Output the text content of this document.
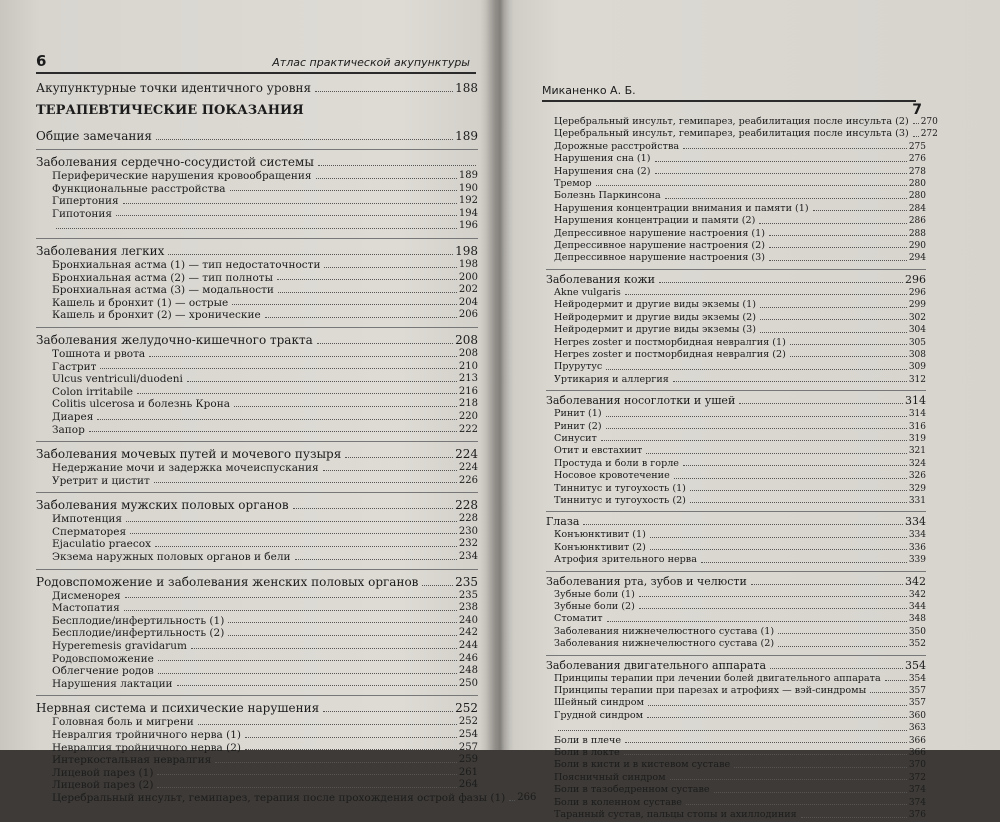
6	Атлас практической акупунктуры
Акупунктурные точки идентичного уровня	188
ТЕРАПЕВТИЧЕСКИЕ ПОКАЗАНИЯ
Общие замечания	189
Заболевания сердечно-сосудистой системы
Периферические нарушения кровообращения	189
Функциональные расстройства	190
Гипертония	192
Гипотония	194
196
Заболевания легких	198
Бронхиальная астма (1) — тип недостаточности	198
Бронхиальная астма (2) — тип полноты	200
Бронхиальная астма (3) — модальности	202
Кашель и бронхит (1) — острые	204
Кашель и бронхит (2) — хронические	206
Заболевания желудочно-кишечного тракта	208
Тошнота и рвота	208
Гастрит	210
Ulcus ventriculi/duodeni	213
Colon irritabile	216
Colitis ulcerosa и болезнь Крона	218
Диарея	220
Запор	222
Заболевания мочевых путей и мочевого пузыря	224
Недержание мочи и задержка мочеиспускания	224
Уретрит и цистит	226
Заболевания мужских половых органов	228
Импотенция	228
Сперматорея	230
Ejaculatio praecox	232
Экзема наружных половых органов и бели	234
Родовспоможение и заболевания женских половых органов	235
Дисменорея	235
Мастопатия	238
Бесплодие/инфертильность (1)	240
Бесплодие/инфертильность (2)	242
Hyperemesis gravidarum	244
Родовспоможение	246
Облегчение родов	248
Нарушения лактации	250
Нервная система и психические нарушения	252
Головная боль и мигрени	252
Невралгия тройничного нерва (1)	254
Невралгия тройничного нерва (2)	257
Интеркостальная невралгия	259
Лицевой парез (1)	261
Лицевой парез (2)	264
Церебральный инсульт, гемипарез, терапия после прохождения острой фазы (1) 266
Миканенко А. Б.
7
Церебральный инсульт, гемипарез, реабилитация после инсульта (2) 270
Церебральный инсульт, гемипарез, реабилитация после инсульта (3) 272
Дорожные расстройства	275
Нарушения сна (1)	276
Нарушения сна (2)	278
Тремор	280
Болезнь Паркинсона	280
Нарушения концентрации внимания и памяти (1)	284
Нарушения концентрации и памяти (2)	286
Депрессивное нарушение настроения (1)	288
Депрессивное нарушение настроения (2)	290
Депрессивное нарушение настроения (3)	294
Заболевания кожи	296
Akne vulgaris	296
Нейродермит и другие виды экземы (1)	299
Нейродермит и другие виды экземы (2)	302
Нейродермит и другие виды экземы (3)	304
Herpes zoster и постморбидная невралгия (1)	305
Herpes zoster и постморбидная невралгия (2)	308
Прурутус	309
Уртикария и аллергия	312
Заболевания носоглотки и ушей	314
Ринит (1)	314
Ринит (2)	316
Синусит	319
Отит и евстахиит	321
Простуда и боли в горле	324
Носовое кровотечение	326
Тиннитус и тугоухость (1)	329
Тиннитус и тугоухость (2)	331
Глаза	334
Конъюнктивит (1)	334
Конъюнктивит (2)	336
Атрофия зрительного нерва	339
Заболевания рта, зубов и челюсти	342
Зубные боли (1)	342
Зубные боли (2)	344
Стоматит	348
Заболевания нижнечелюстного сустава (1)	350
Заболевания нижнечелюстного сустава (2)	352
Заболевания двигательного аппарата	354
Принципы терапии при лечении болей двигательного аппарата	354
Принципы терапии при парезах и атрофиях — вэй-синдромы	357
Шейный синдром	357
Грудной синдром	360
363
Боли в плече	366
Боли в локте	366
Боли в кисти и в кистевом суставе	370
Поясничный синдром	372
Боли в тазобедренном суставе	374
Боли в коленном суставе	374
Таранный сустав, пальцы стопы и ахиллодиния	376
